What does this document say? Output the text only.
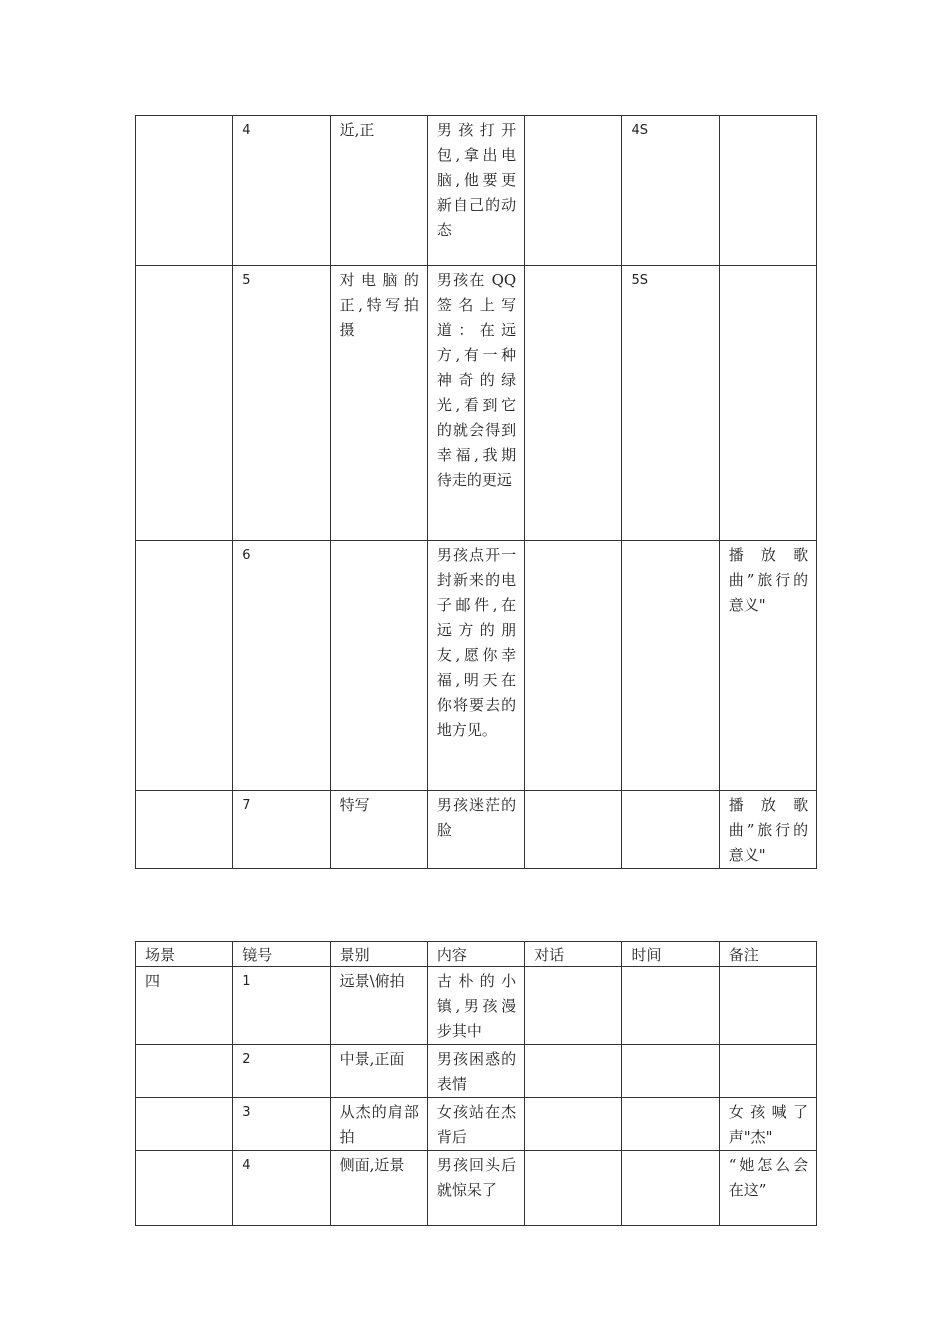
	4	近,正	男孩打开包,拿出电脑,他要更新自己的动态		4S	
	5	对电脑的正,特写拍摄	男孩在 QQ 签名上写道：在远方,有一种神奇的绿光,看到它的就会得到幸福,我期待走的更远		5S	
	6		男孩点开一封新来的电子邮件,在远方的朋友,愿你幸福,明天在你将要去的地方见。			播放歌曲”旅行的意义"
	7	特写	男孩迷茫的脸			播放歌曲”旅行的意义"
场景	镜号	景别	内容	对话	时间	备注
四	1	远景\俯拍	古朴的小镇,男孩漫步其中			
	2	中景,正面	男孩困惑的表情			
	3	从杰的肩部拍	女孩站在杰背后			女孩喊了声"杰"
	4	侧面,近景	男孩回头后就惊呆了			“她怎么会在这”
